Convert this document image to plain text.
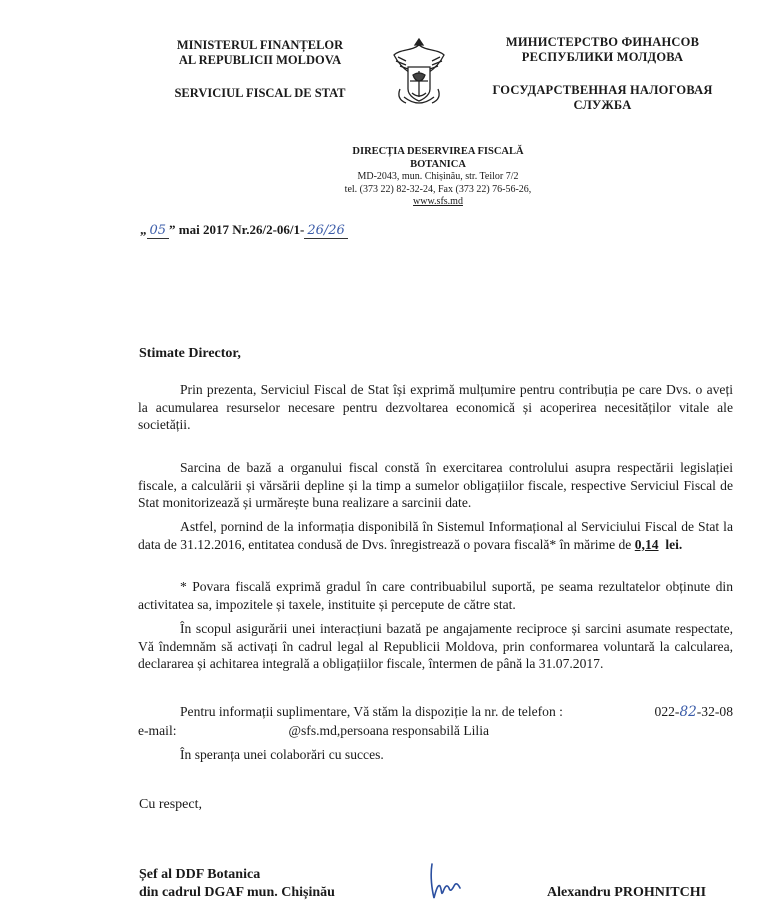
MINISTERUL FINANȚELOR
AL REPUBLICII MOLDOVA
SERVICIUL FISCAL DE STAT
МИНИСТЕРСТВО ФИНАНСОВ
РЕСПУБЛИКИ МОЛДОВА
ГОСУДАРСТВЕННАЯ НАЛОГОВАЯ
СЛУЖБА
DIRECȚIA DESERVIREA FISCALĂ
BOTANICA
MD-2043, mun. Chișinău, str. Teilor 7/2
tel. (373 22) 82-32-24, Fax (373 22) 76-56-26,
www.sfs.md
„ 05 ” mai 2017 Nr.26/2-06/1- 26/26
Stimate Director,
Prin prezenta, Serviciul Fiscal de Stat își exprimă mulțumire pentru contribuția pe care Dvs. o aveți la acumularea resurselor necesare pentru dezvoltarea economică și acoperirea necesităților vitale ale societății.
Sarcina de bază a organului fiscal constă în exercitarea controlului asupra respectării legislației fiscale, a calculării și vărsării depline și la timp a sumelor obligațiilor fiscale, respective Serviciul Fiscal de Stat monitorizează și urmărește buna realizare a sarcinii date.
Astfel, pornind de la informația disponibilă în Sistemul Informațional al Serviciului Fiscal de Stat la data de 31.12.2016, entitatea condusă de Dvs. înregistrează o povara fiscală* în mărime de 0,14 lei.
* Povara fiscală exprimă gradul în care contribuabilul suportă, pe seama rezultatelor obținute din activitatea sa, impozitele și taxele, instituite și percepute de către stat.
În scopul asigurării unei interacțiuni bazată pe angajamente reciproce și sarcini asumate respectate, Vă îndemnăm să activați în cadrul legal al Republicii Moldova, prin conformarea voluntară la calcularea, declararea și achitarea integrală a obligațiilor fiscale, întermen de până la 31.07.2017.
Pentru informații suplimentare, Vă stăm la dispoziție la nr. de telefon :	022-82-32-08
e-mail:	@sfs.md,persoana responsabilă Lilia
În speranța unei colaborări cu succes.
Cu respect,
Șef al DDF Botanica
din cadrul DGAF mun. Chișinău	Alexandru PROHNITCHI
